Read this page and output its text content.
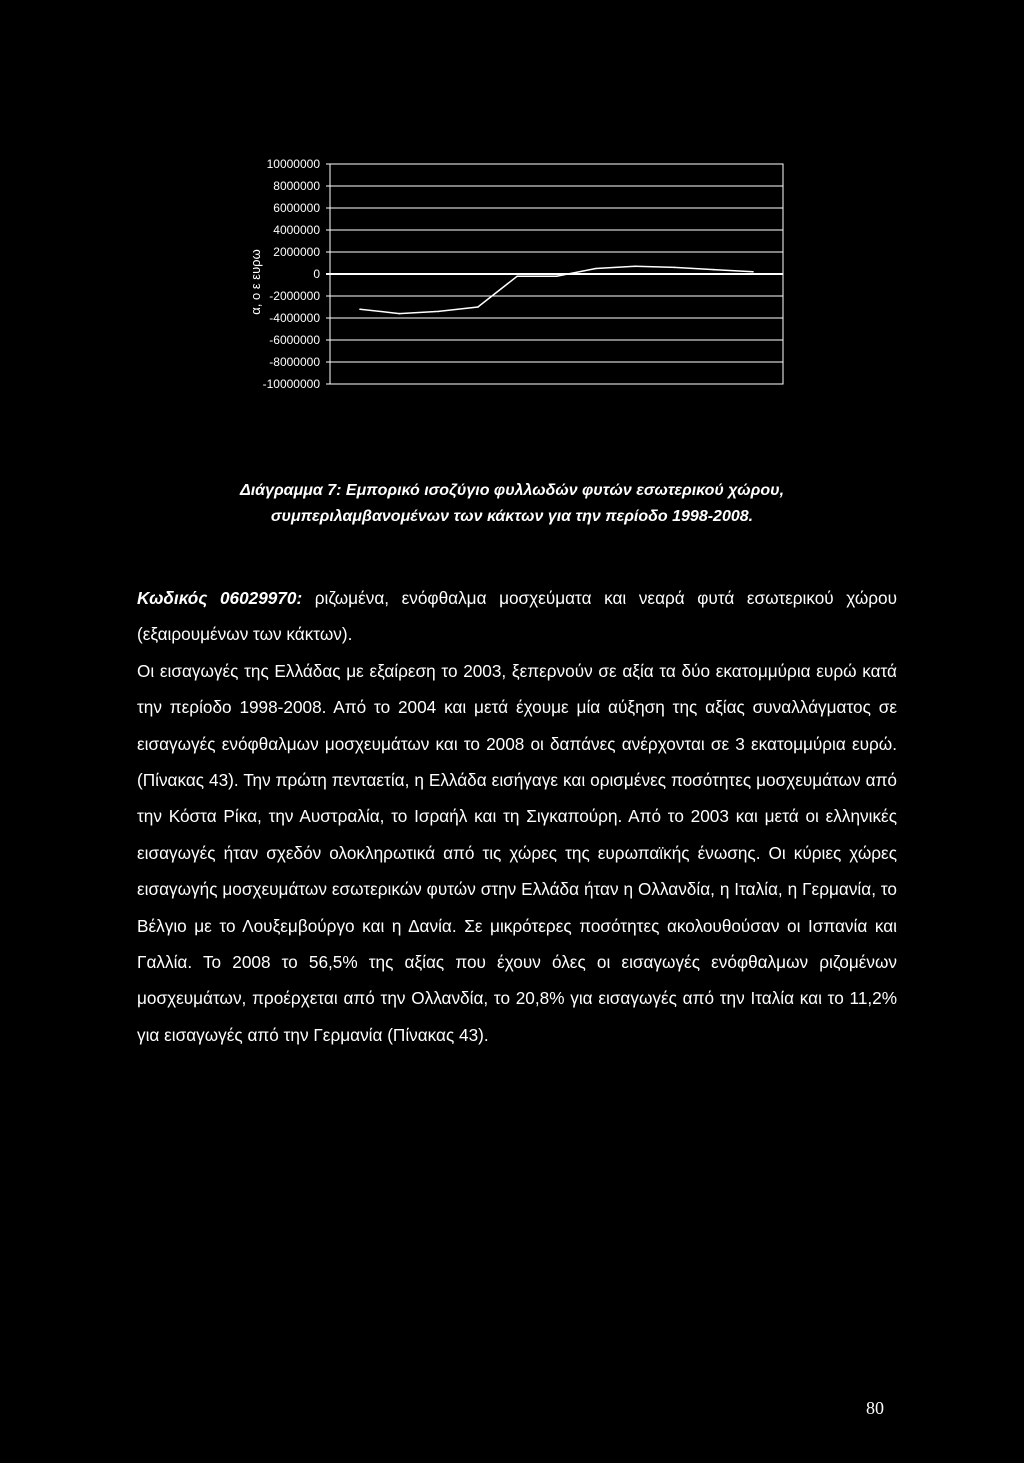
10000000
8000000
6000000
4000000
2000000
0
-2000000
-4000000
-6000000
-8000000
-10000000
α, ο ε ευρω
Διάγραμμα 7: Εμπορικό ισοζύγιο φυλλωδών φυτών εσωτερικού χώρου,
συμπεριλαμβανομένων των κάκτων για την περίοδο 1998-2008.
Κωδικός 06029970: ριζωμένα, ενόφθαλμα μοσχεύματα και νεαρά φυτά εσωτερικού χώρου (εξαιρουμένων των κάκτων).
Οι εισαγωγές της Ελλάδας με εξαίρεση το 2003, ξεπερνούν σε αξία τα δύο εκατομμύρια ευρώ κατά την περίοδο 1998-2008. Από το 2004 και μετά έχουμε μία αύξηση της αξίας συναλλάγματος σε εισαγωγές ενόφθαλμων μοσχευμάτων και το 2008 οι δαπάνες ανέρχονται σε 3 εκατομμύρια ευρώ. (Πίνακας 43). Την πρώτη πενταετία, η Ελλάδα εισήγαγε και ορισμένες ποσότητες μοσχευμάτων από την Κόστα Ρίκα, την Αυστραλία, το Ισραήλ και τη Σιγκαπούρη. Από το 2003 και μετά οι ελληνικές εισαγωγές ήταν σχεδόν ολοκληρωτικά από τις χώρες της ευρωπαϊκής ένωσης. Οι κύριες χώρες εισαγωγής μοσχευμάτων εσωτερικών φυτών στην Ελλάδα ήταν η Ολλανδία, η Ιταλία, η Γερμανία, το Βέλγιο με το Λουξεμβούργο και η Δανία. Σε μικρότερες ποσότητες ακολουθούσαν οι Ισπανία και Γαλλία. Το 2008 το 56,5% της αξίας που έχουν όλες οι εισαγωγές ενόφθαλμων ριζομένων μοσχευμάτων, προέρχεται από την Ολλανδία, το 20,8% για εισαγωγές από την Ιταλία και το 11,2% για εισαγωγές από την Γερμανία (Πίνακας 43).
80
